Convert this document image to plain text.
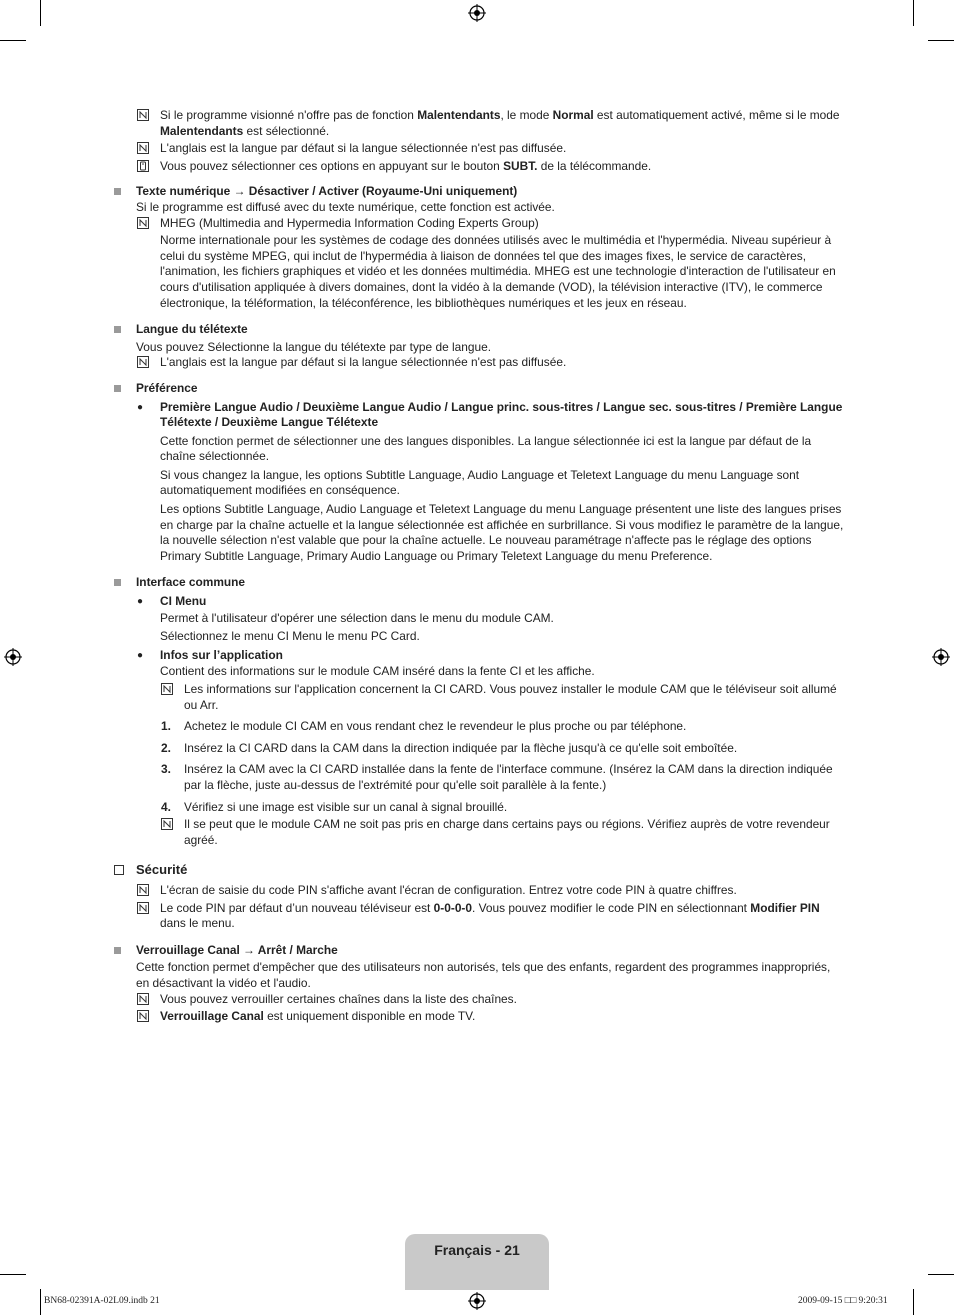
Si le programme visionné n'offre pas de fonction Malentendants, le mode Normal est automatiquement activé, même si le mode Malentendants est sélectionné.
L'anglais est la langue par défaut si la langue sélectionnée n'est pas diffusée.
Vous pouvez sélectionner ces options en appuyant sur le bouton SUBT. de la télécommande.
Texte numérique → Désactiver / Activer (Royaume-Uni uniquement)
Si le programme est diffusé avec du texte numérique, cette fonction est activée.
MHEG (Multimedia and Hypermedia Information Coding Experts Group)
Norme internationale pour les systèmes de codage des données utilisés avec le multimédia et l'hypermédia. Niveau supérieur à celui du système MPEG, qui inclut de l'hypermédia à liaison de données tel que des images fixes, le service de caractères, l'animation, les fichiers graphiques et vidéo et les données multimédia. MHEG est une technologie d'interaction de l'utilisateur en cours d'utilisation appliquée à divers domaines, dont la vidéo à la demande (VOD), la télévision interactive (ITV), le commerce électronique, la téléformation, la téléconférence, les bibliothèques numériques et les jeux en réseau.
Langue du télétexte
Vous pouvez Sélectionne la langue du télétexte par type de langue.
L'anglais est la langue par défaut si la langue sélectionnée n'est pas diffusée.
Préférence
● Première Langue Audio / Deuxième Langue Audio / Langue princ. sous-titres / Langue sec. sous-titres / Première Langue Télétexte / Deuxième Langue Télétexte
Cette fonction permet de sélectionner une des langues disponibles. La langue sélectionnée ici est la langue par défaut de la chaîne sélectionnée.
Si vous changez la langue, les options Subtitle Language, Audio Language et Teletext Language du menu Language sont automatiquement modifiées en conséquence.
Les options Subtitle Language, Audio Language et Teletext Language du menu Language présentent une liste des langues prises en charge par la chaîne actuelle et la langue sélectionnée est affichée en surbrillance. Si vous modifiez le paramètre de la langue, la nouvelle sélection n'est valable que pour la chaîne actuelle. Le nouveau paramétrage n'affecte pas le réglage des options Primary Subtitle Language, Primary Audio Language ou Primary Teletext Language du menu Preference.
Interface commune
● CI Menu
Permet à l'utilisateur d'opérer une sélection dans le menu du module CAM.
Sélectionnez le menu CI Menu le menu PC Card.
● Infos sur l’application
Contient des informations sur le module CAM inséré dans la fente CI et les affiche.
Les informations sur l'application concernent la CI CARD. Vous pouvez installer le module CAM que le téléviseur soit allumé ou Arr.
1. Achetez le module CI CAM en vous rendant chez le revendeur le plus proche ou par téléphone.
2. Insérez la CI CARD dans la CAM dans la direction indiquée par la flèche jusqu'à ce qu'elle soit emboîtée.
3. Insérez la CAM avec la CI CARD installée dans la fente de l'interface commune. (Insérez la CAM dans la direction indiquée par la flèche, juste au-dessus de l'extrémité pour qu'elle soit parallèle à la fente.)
4. Vérifiez si une image est visible sur un canal à signal brouillé.
Il se peut que le module CAM ne soit pas pris en charge dans certains pays ou régions. Vérifiez auprès de votre revendeur agréé.
Sécurité
L'écran de saisie du code PIN s'affiche avant l'écran de configuration. Entrez votre code PIN à quatre chiffres.
Le code PIN par défaut d’un nouveau téléviseur est 0-0-0-0. Vous pouvez modifier le code PIN en sélectionnant Modifier PIN dans le menu.
Verrouillage Canal → Arrêt / Marche
Cette fonction permet d'empêcher que des utilisateurs non autorisés, tels que des enfants, regardent des programmes inappropriés, en désactivant la vidéo et l'audio.
Vous pouvez verrouiller certaines chaînes dans la liste des chaînes.
Verrouillage Canal est uniquement disponible en mode TV.
Français - 21
BN68-02391A-02L09.indb 21	2009-09-15 □□ 9:20:31
